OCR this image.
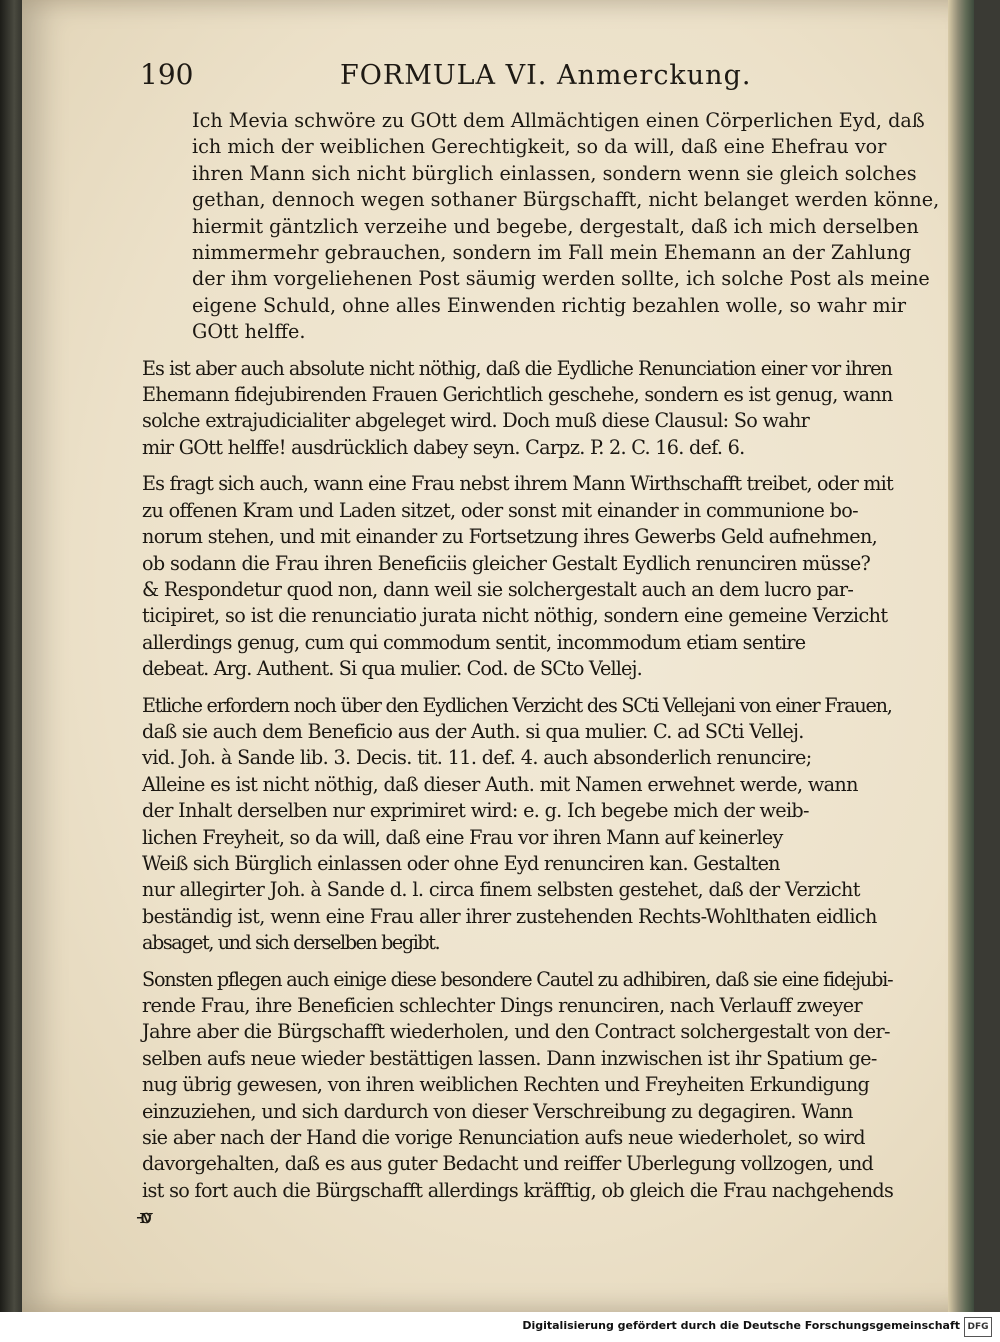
190	FORMULA VI. Anmerckung.
Ich Mevia schwöre zu GOtt dem Allmächtigen einen Cörperlichen Eyd, daß
ich mich der weiblichen Gerechtigkeit, so da will, daß eine Ehefrau vor
ihren Mann sich nicht bürglich einlassen, sondern wenn sie gleich solches
gethan, dennoch wegen sothaner Bürgschafft, nicht belanget werden könne,
hiermit gäntzlich verzeihe und begebe, dergestalt, daß ich mich derselben
nimmermehr gebrauchen, sondern im Fall mein Ehemann an der Zahlung
der ihm vorgeliehenen Post säumig werden sollte, ich solche Post als meine
eigene Schuld, ohne alles Einwenden richtig bezahlen wolle, so wahr mir
GOtt helffe.
Es ist aber auch absolute nicht nöthig, daß die Eydliche Renunciation einer vor ihren
Ehemann fidejubirenden Frauen Gerichtlich geschehe, sondern es ist genug, wann
solche extrajudicialiter abgeleget wird. Doch muß diese Clausul: So wahr
mir GOtt helffe! ausdrücklich dabey seyn. Carpz. P. 2. C. 16. def. 6.
Es fragt sich auch, wann eine Frau nebst ihrem Mann Wirthschafft treibet, oder mit
zu offenen Kram und Laden sitzet, oder sonst mit einander in communione bo-
norum stehen, und mit einander zu Fortsetzung ihres Gewerbs Geld aufnehmen,
ob sodann die Frau ihren Beneficiis gleicher Gestalt Eydlich renunciren müsse?
& Respondetur quod non, dann weil sie solchergestalt auch an dem lucro par-
ticipiret, so ist die renunciatio jurata nicht nöthig, sondern eine gemeine Verzicht
allerdings genug, cum qui commodum sentit, incommodum etiam sentire
debeat. Arg. Authent. Si qua mulier. Cod. de SCto Vellej.
Etliche erfordern noch über den Eydlichen Verzicht des SCti Vellejani von einer Frauen,
daß sie auch dem Beneficio aus der Auth. si qua mulier. C. ad SCti Vellej.
vid. Joh. à Sande lib. 3. Decis. tit. 11. def. 4. auch absonderlich renuncire;
Alleine es ist nicht nöthig, daß dieser Auth. mit Namen erwehnet werde, wann
der Inhalt derselben nur exprimiret wird: e. g. Ich begebe mich der weib-
lichen Freyheit, so da will, daß eine Frau vor ihren Mann auf keinerley
Weiß sich Bürglich einlassen oder ohne Eyd renunciren kan. Gestalten
nur allegirter Joh. à Sande d. l. circa finem selbsten gestehet, daß der Verzicht
beständig ist, wenn eine Frau aller ihrer zustehenden Rechts-Wohlthaten eidlich
absaget, und sich derselben begibt.
Sonsten pflegen auch einige diese besondere Cautel zu adhibiren, daß sie eine fidejubi-
rende Frau, ihre Beneficien schlechter Dings renunciren, nach Verlauff zweyer
Jahre aber die Bürgschafft wiederholen, und den Contract solchergestalt von der-
selben aufs neue wieder bestättigen lassen. Dann inzwischen ist ihr Spatium ge-
nug übrig gewesen, von ihren weiblichen Rechten und Freyheiten Erkundigung
einzuziehen, und sich dardurch von dieser Verschreibung zu degagiren. Wann
sie aber nach der Hand die vorige Renunciation aufs neue wiederholet, so wird
davorgehalten, daß es aus guter Bedacht und reiffer Uberlegung vollzogen, und
ist so fort auch die Bürgschafft allerdings kräfftig, ob gleich die Frau nachgehends
Digitalisierung gefördert durch die Deutsche Forschungsgemeinschaft DFG
